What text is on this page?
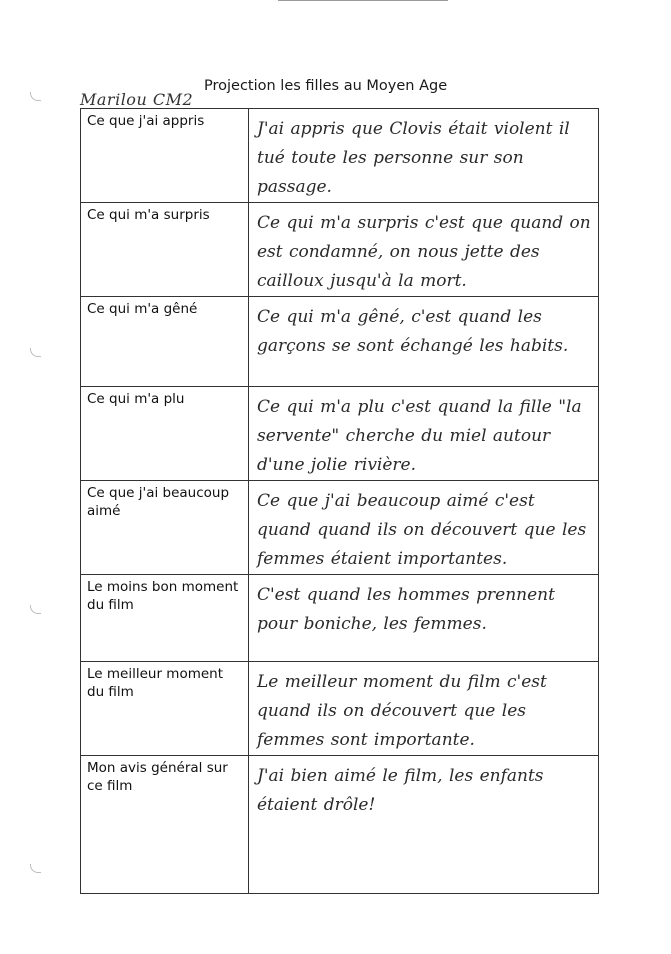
Projection les filles au Moyen Age
Marilou CM2
Ce que j'ai appris	J'ai appris que Clovis était violent il tué toute les personne sur son passage.

Ce qui m'a surpris	Ce qui m'a surpris c'est que quand on est condamné, on nous jette des cailloux jusqu'à la mort.

Ce qui m'a gêné	Ce qui m'a gêné, c'est quand les garçons se sont échangé les habits.

Ce qui m'a plu	Ce qui m'a plu c'est quand la fille "la servente" cherche du miel autour d'une jolie rivière.

Ce que j'ai beaucoup aimé	Ce que j'ai beaucoup aimé c'est quand quand ils on découvert que les femmes étaient importantes.

Le moins bon moment du film	C'est quand les hommes prennent pour boniche, les femmes.

Le meilleur moment du film	Le meilleur moment du film c'est quand ils on découvert que les femmes sont importante.

Mon avis général sur ce film	J'ai bien aimé le film, les enfants étaient drôle!
